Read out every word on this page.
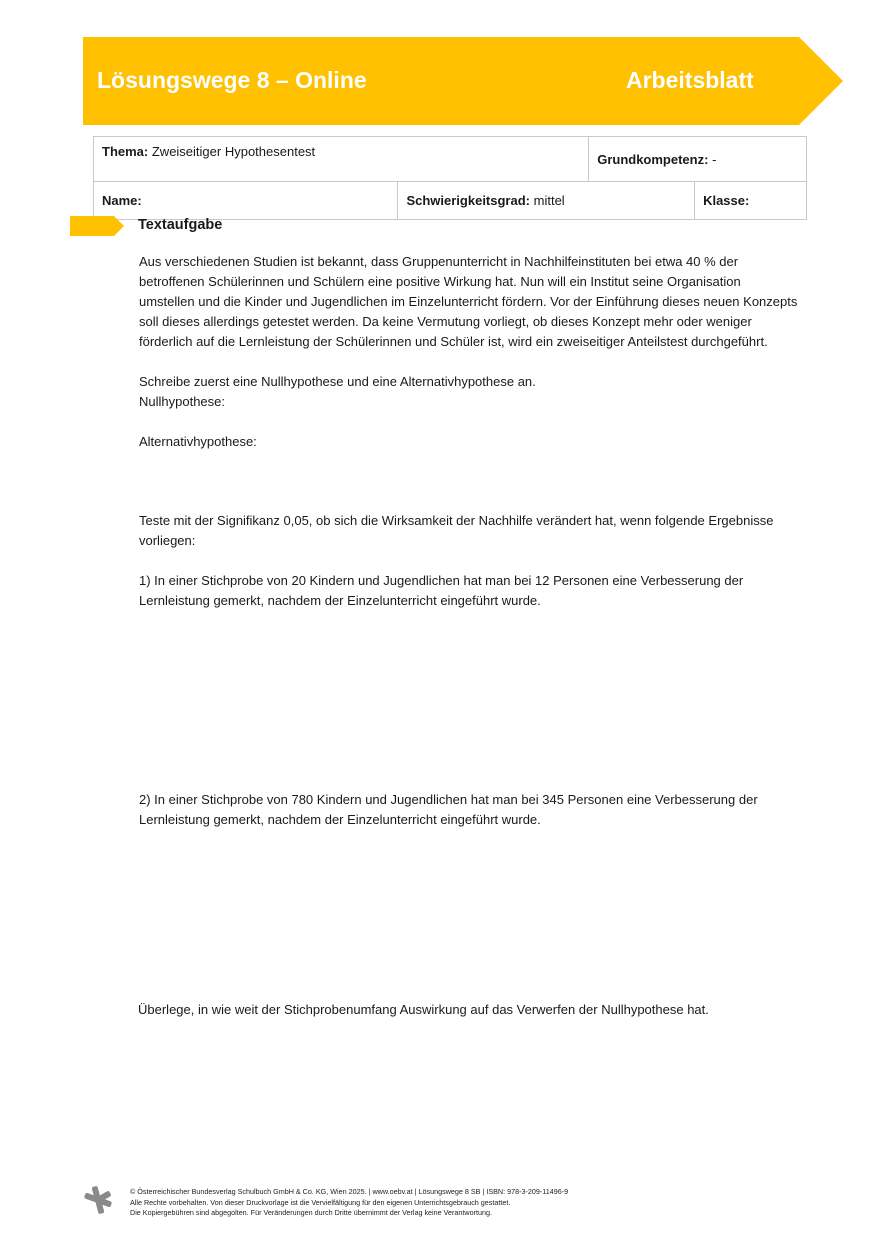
Lösungswege 8 – Online	Arbeitsblatt
Thema: Zweiseitiger Hypothesentest		Grundkompetenz: -	
Name:	Schwierigkeitsgrad: mittel		Klasse:
Textaufgabe

Aus verschiedenen Studien ist bekannt, dass Gruppenunterricht in Nachhilfeinstituten bei etwa 40 % der

betroffenen Schülerinnen und Schülern eine positive Wirkung hat. Nun will ein Institut seine Organisation

umstellen und die Kinder und Jugendlichen im Einzelunterricht fördern. Vor der Einführung dieses neuen Konzepts

soll dieses allerdings getestet werden. Da keine Vermutung vorliegt, ob dieses Konzept mehr oder weniger

förderlich auf die Lernleistung der Schülerinnen und Schüler ist, wird ein zweiseitiger Anteilstest durchgeführt.

Schreibe zuerst eine Nullhypothese und eine Alternativhypothese an.

Nullhypothese:

Alternativhypothese:

Teste mit der Signifikanz 0,05, ob sich die Wirksamkeit der Nachhilfe verändert hat, wenn folgende Ergebnisse

vorliegen:

1) In einer Stichprobe von 20 Kindern und Jugendlichen hat man bei 12 Personen eine Verbesserung der

Lernleistung gemerkt, nachdem der Einzelunterricht eingeführt wurde.

2) In einer Stichprobe von 780 Kindern und Jugendlichen hat man bei 345 Personen eine Verbesserung der

Lernleistung gemerkt, nachdem der Einzelunterricht eingeführt wurde.

Überlege, in wie weit der Stichprobenumfang Auswirkung auf das Verwerfen der Nullhypothese hat.

© Österreichischer Bundesverlag Schulbuch GmbH & Co. KG, Wien 2025. | www.oebv.at | Lösungswege 8 SB | ISBN: 978-3-209-11496-9
Alle Rechte vorbehalten. Von dieser Druckvorlage ist die Vervielfältigung für den eigenen Unterrichtsgebrauch gestattet.
Die Kopiergebühren sind abgegolten. Für Veränderungen durch Dritte übernimmt der Verlag keine Verantwortung.
